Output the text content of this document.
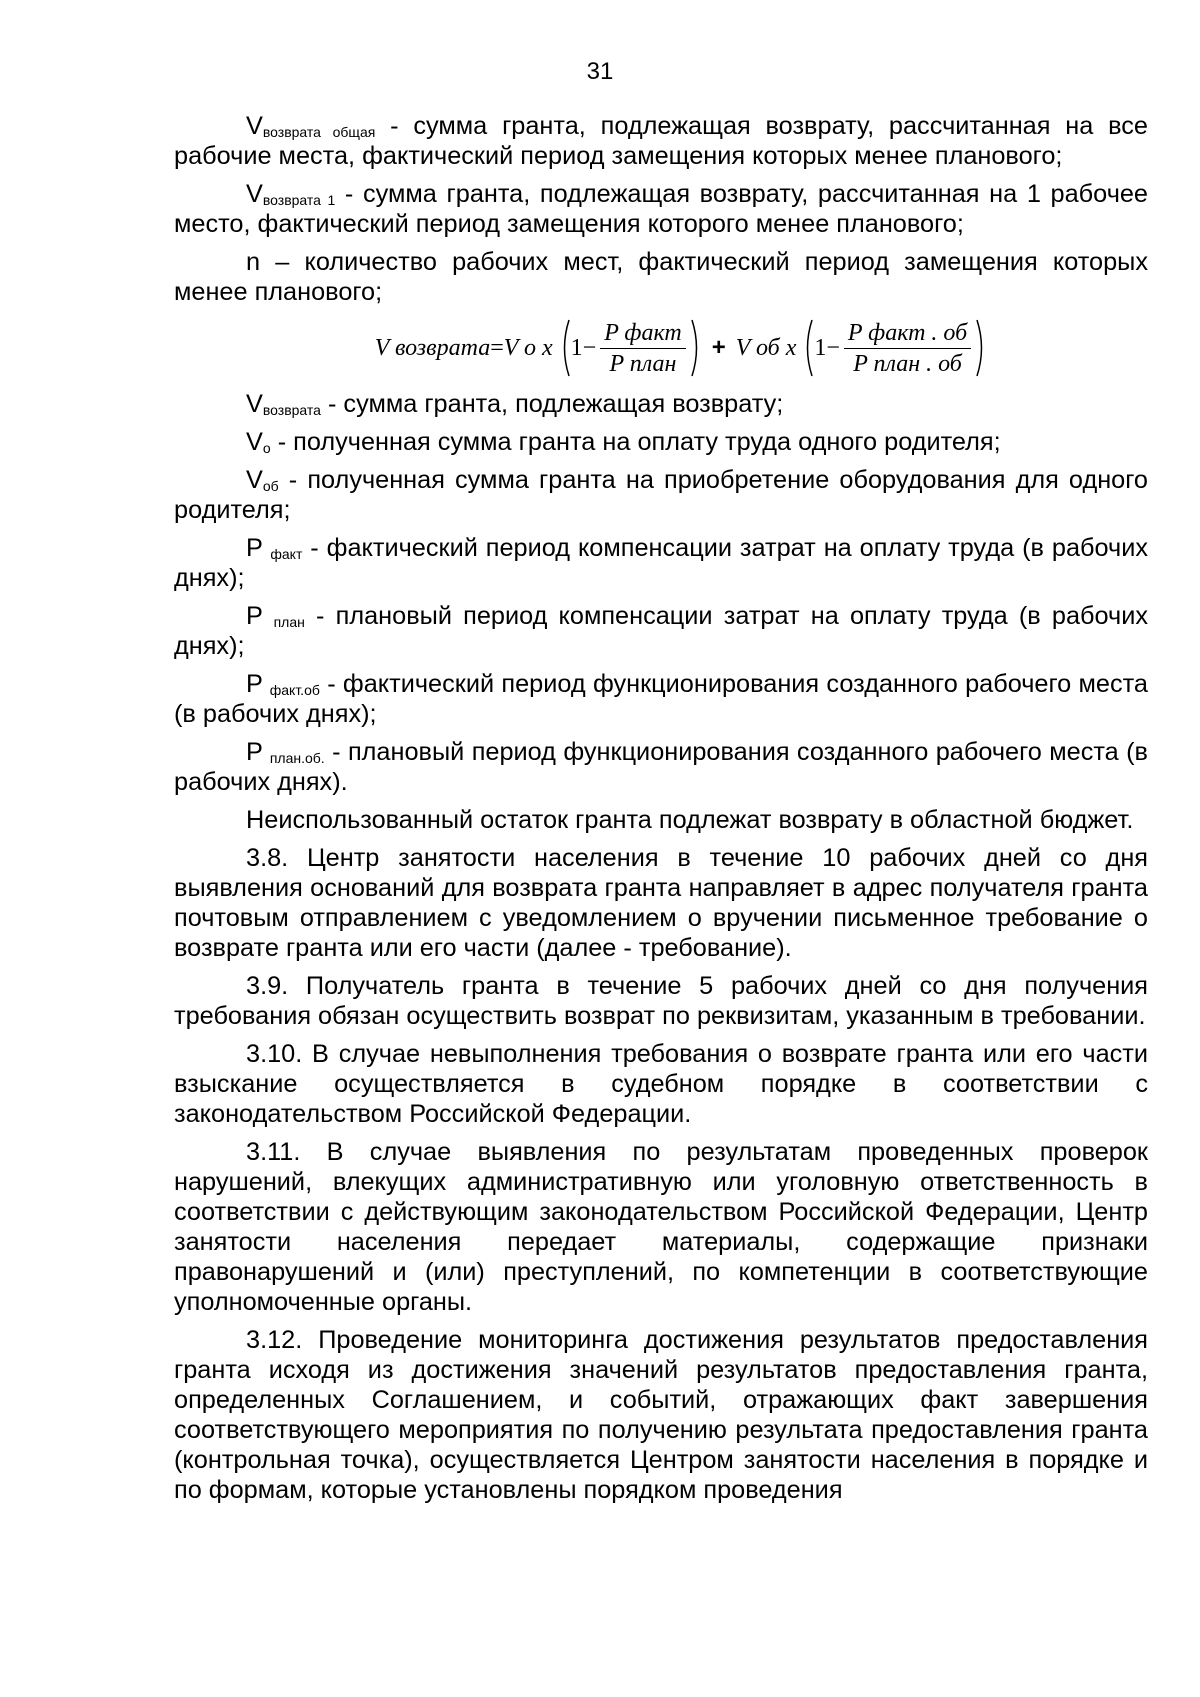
31

$V_{возврата общая}$ - сумма гранта, подлежащая возврату, рассчитанная на все рабочие места, фактический период замещения которых менее планового;

$V_{возврата 1}$ - сумма гранта, подлежащая возврату, рассчитанная на 1 рабочее место, фактический период замещения которого менее планового;

n – количество рабочих мест, фактический период замещения которых менее планового;

V возврата = V о x $1 - \frac{\text{P факт}}{\text{P план}} + V$ об x $1 - \frac{\text{P факт . об}}{\text{P план . об}}$

$V_{возврата}$ - сумма гранта, подлежащая возврату;

$V_о$ - полученная сумма гранта на оплату труда одного родителя;

$V_{об}$ - полученная сумма гранта на приобретение оборудования для одного родителя;

P $_{факт}$ - фактический период компенсации затрат на оплату труда (в рабочих днях);

P $_{план}$ - плановый период компенсации затрат на оплату труда (в рабочих днях);

P $_{факт.об}$ - фактический период функционирования созданного рабочего места (в рабочих днях);

P $_{план.об.}$ - плановый период функционирования созданного рабочего места (в рабочих днях).

Неиспользованный остаток гранта подлежат возврату в областной бюджет.

3.8. Центр занятости населения в течение 10 рабочих дней со дня выявления оснований для возврата гранта направляет в адрес получателя гранта почтовым отправлением с уведомлением о вручении письменное требование о возврате гранта или его части (далее - требование).

3.9. Получатель гранта в течение 5 рабочих дней со дня получения требования обязан осуществить возврат по реквизитам, указанным в требовании.

3.10. В случае невыполнения требования о возврате гранта или его части взыскание осуществляется в судебном порядке в соответствии с законодательством Российской Федерации.

3.11. В случае выявления по результатам проведенных проверок нарушений, влекущих административную или уголовную ответственность в соответствии с действующим законодательством Российской Федерации, Центр занятости населения передает материалы, содержащие признаки правонарушений и (или) преступлений, по компетенции в соответствующие уполномоченные органы.

3.12. Проведение мониторинга достижения результатов предоставления гранта исходя из достижения значений результатов предоставления гранта, определенных Соглашением, и событий, отражающих факт завершения соответствующего мероприятия по получению результата предоставления гранта (контрольная точка), осуществляется Центром занятости населения в порядке и по формам, которые установлены порядком проведения
